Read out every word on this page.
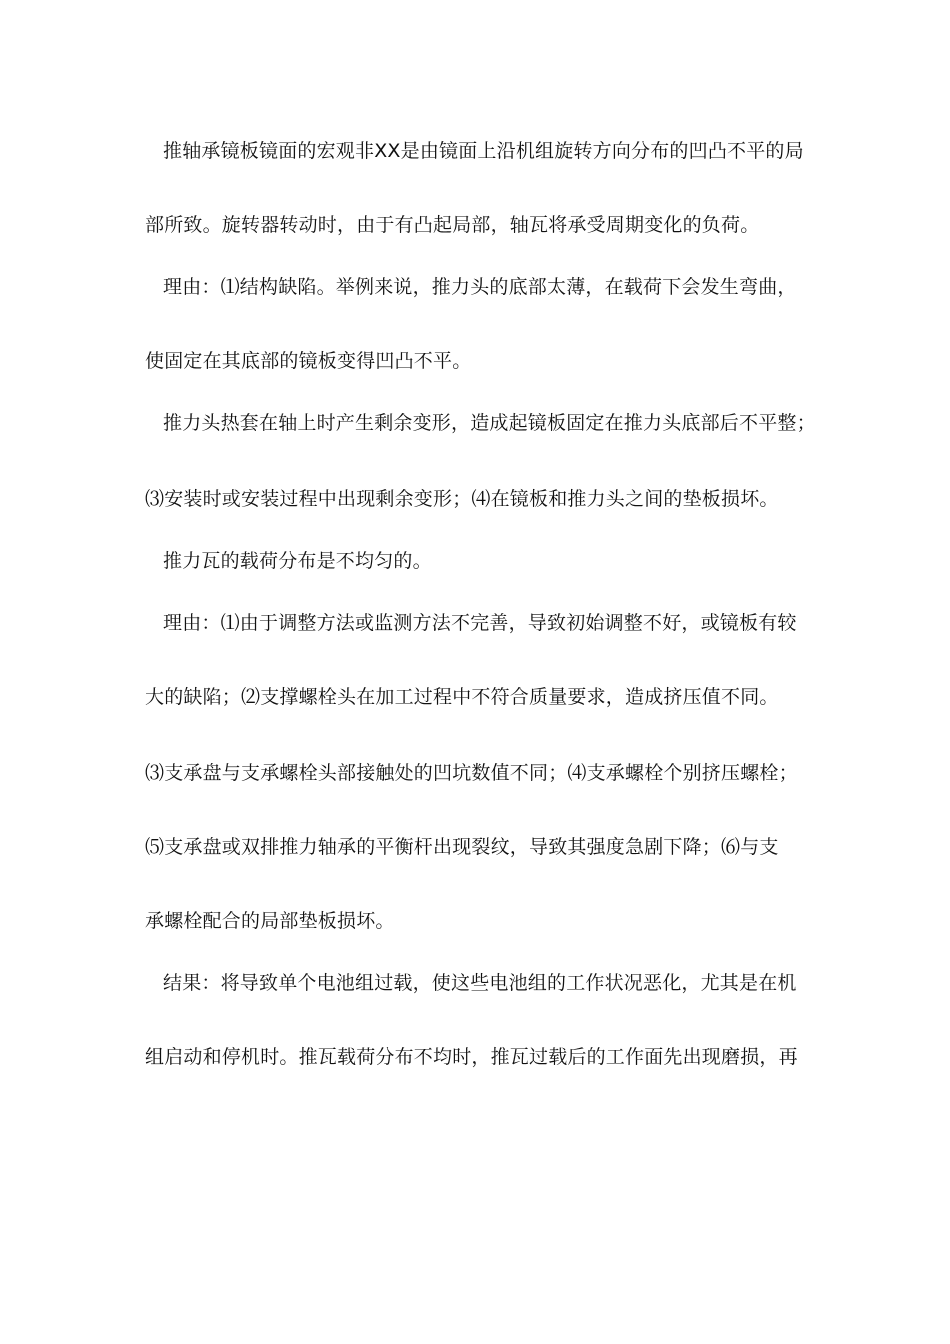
推轴承镜板镜面的宏观非XX是由镜面上沿机组旋转方向分布的凹凸不平的局
部所致。旋转器转动时，由于有凸起局部，轴瓦将承受周期变化的负荷。
理由：⑴结构缺陷。举例来说，推力头的底部太薄，在载荷下会发生弯曲，
使固定在其底部的镜板变得凹凸不平。
推力头热套在轴上时产生剩余变形，造成起镜板固定在推力头底部后不平整；
⑶安装时或安装过程中出现剩余变形；⑷在镜板和推力头之间的垫板损坏。
推力瓦的载荷分布是不均匀的。
理由：⑴由于调整方法或监测方法不完善，导致初始调整不好，或镜板有较
大的缺陷；⑵支撑螺栓头在加工过程中不符合质量要求，造成挤压值不同。
⑶支承盘与支承螺栓头部接触处的凹坑数值不同；⑷支承螺栓个别挤压螺栓；
⑸支承盘或双排推力轴承的平衡杆出现裂纹，导致其强度急剧下降；⑹与支
承螺栓配合的局部垫板损坏。
结果：将导致单个电池组过载，使这些电池组的工作状况恶化，尤其是在机
组启动和停机时。推瓦载荷分布不均时，推瓦过载后的工作面先出现磨损，再
